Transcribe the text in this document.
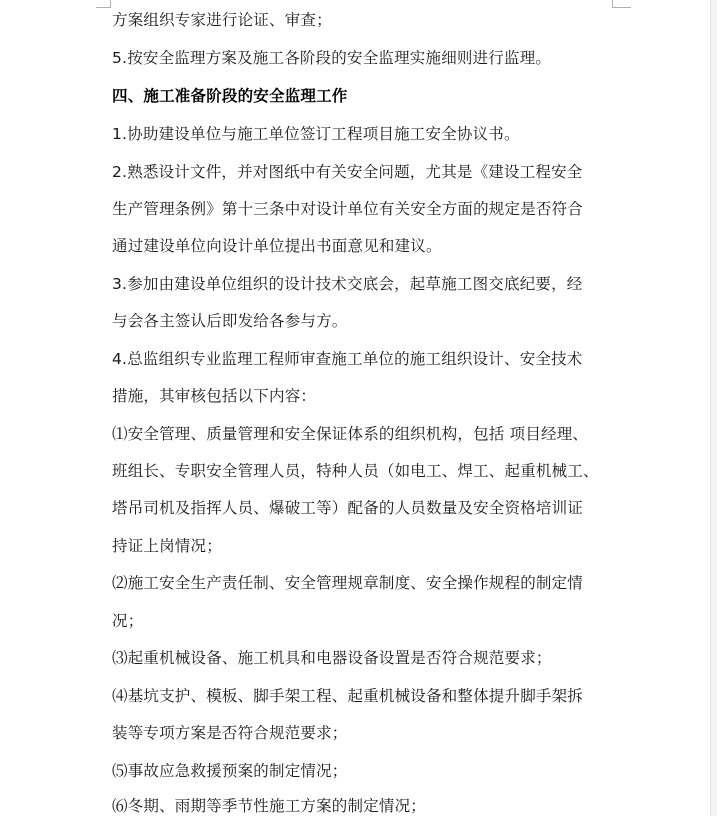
方案组织专家进行论证、审查；
5.按安全监理方案及施工各阶段的安全监理实施细则进行监理。
四、施工准备阶段的安全监理工作
1.协助建设单位与施工单位签订工程项目施工安全协议书。
2.熟悉设计文件，并对图纸中有关安全问题，尤其是《建设工程安全
生产管理条例》第十三条中对设计单位有关安全方面的规定是否符合
通过建设单位向设计单位提出书面意见和建议。
3.参加由建设单位组织的设计技术交底会，起草施工图交底纪要，经
与会各主签认后即发给各参与方。
4.总监组织专业监理工程师审查施工单位的施工组织设计、安全技术
措施，其审核包括以下内容：
⑴安全管理、质量管理和安全保证体系的组织机构，包括 项目经理、
班组长、专职安全管理人员，特种人员（如电工、焊工、起重机械工、
塔吊司机及指挥人员、爆破工等）配备的人员数量及安全资格培训证
持证上岗情况；
⑵施工安全生产责任制、安全管理规章制度、安全操作规程的制定情
况；
⑶起重机械设备、施工机具和电器设备设置是否符合规范要求；
⑷基坑支护、模板、脚手架工程、起重机械设备和整体提升脚手架拆
装等专项方案是否符合规范要求；
⑸事故应急救援预案的制定情况；
⑹冬期、雨期等季节性施工方案的制定情况；
